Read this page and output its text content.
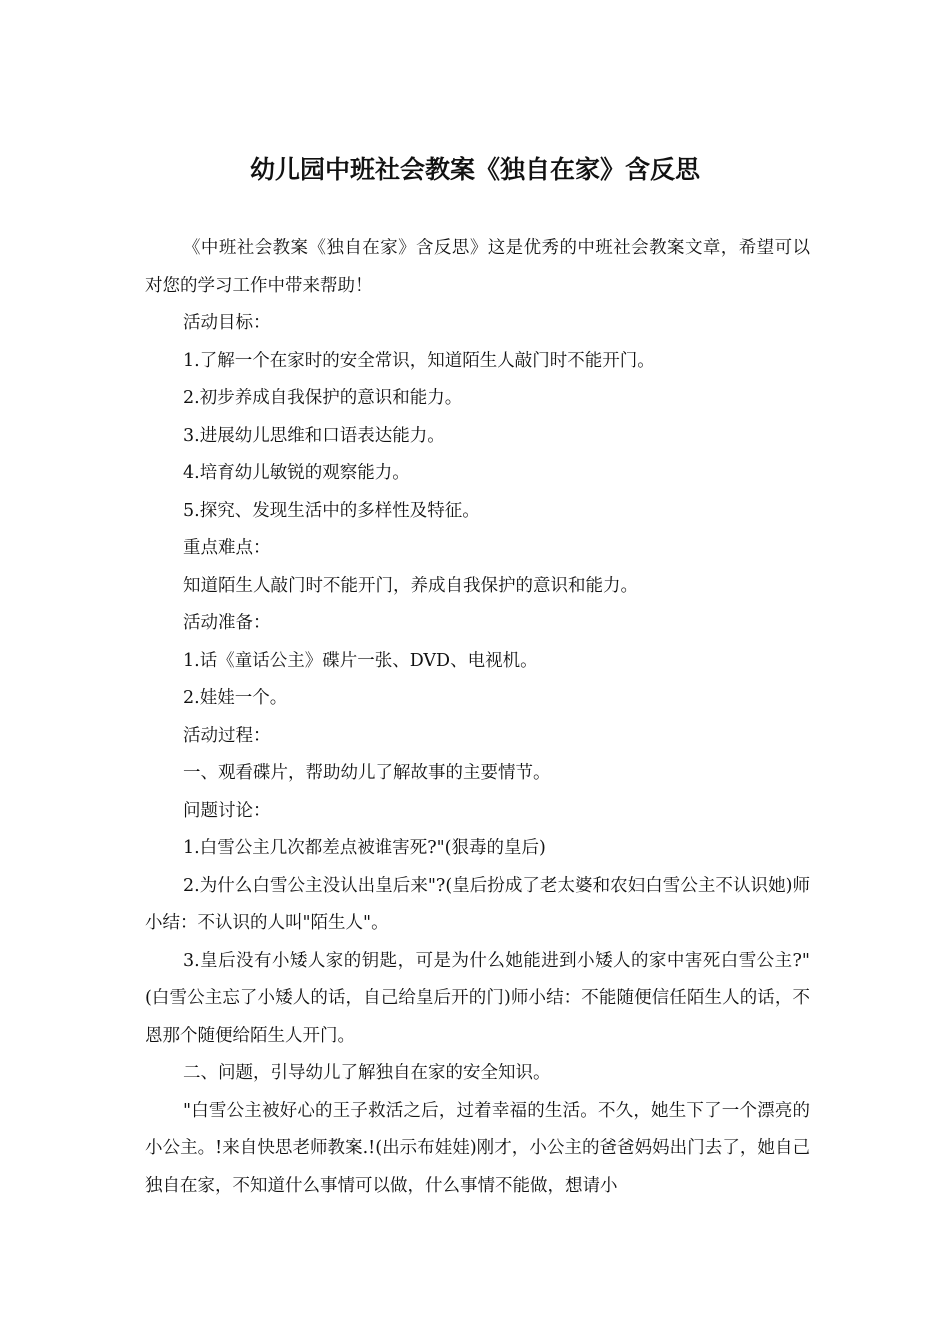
幼儿园中班社会教案《独自在家》含反思

《中班社会教案《独自在家》含反思》这是优秀的中班社会教案文章，希望可以对您的学习工作中带来帮助！

活动目标：

1.了解一个在家时的安全常识，知道陌生人敲门时不能开门。

2.初步养成自我保护的意识和能力。

3.进展幼儿思维和口语表达能力。

4.培育幼儿敏锐的观察能力。

5.探究、发现生活中的多样性及特征。

重点难点：

知道陌生人敲门时不能开门，养成自我保护的意识和能力。

活动准备：

1.话《童话公主》碟片一张、DVD、电视机。

2.娃娃一个。

活动过程：

一、观看碟片，帮助幼儿了解故事的主要情节。

问题讨论：

1.白雪公主几次都差点被谁害死?"(狠毒的皇后)

2.为什么白雪公主没认出皇后来"?(皇后扮成了老太婆和农妇白雪公主不认识她)师小结：不认识的人叫"陌生人"。

3.皇后没有小矮人家的钥匙，可是为什么她能进到小矮人的家中害死白雪公主?"(白雪公主忘了小矮人的话，自己给皇后开的门)师小结：不能随便信任陌生人的话，不恩那个随便给陌生人开门。

二、问题，引导幼儿了解独自在家的安全知识。

"白雪公主被好心的王子救活之后，过着幸福的生活。不久，她生下了一个漂亮的小公主。!来自快思老师教案.!(出示布娃娃)刚才，小公主的爸爸妈妈出门去了，她自己独自在家，不知道什么事情可以做，什么事情不能做，想请小
